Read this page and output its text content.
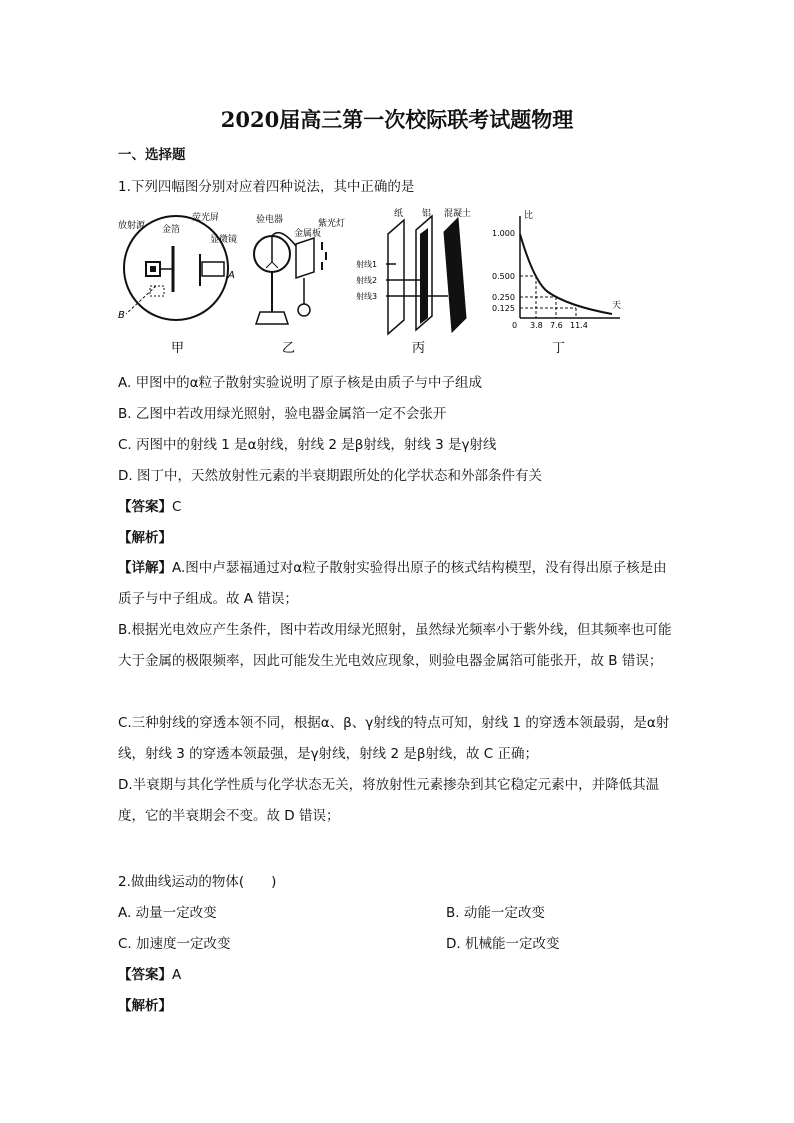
2020届高三第一次校际联考试题物理
一、选择题
1.下列四幅图分别对应着四种说法，其中正确的是
放射源 金箔
荧光屏
显微镜
A
B
甲
验电器
金属板
紫光灯
乙
纸 铝 混凝土
射线1
射线2
射线3
丙
比
天
1.000
0.500
0.250
0.125
0 3.8 7.6 11.4
丁
A. 甲图中的α粒子散射实验说明了原子核是由质子与中子组成
B. 乙图中若改用绿光照射，验电器金属箔一定不会张开
C. 丙图中的射线 1 是α射线，射线 2 是β射线，射线 3 是γ射线
D. 图丁中，天然放射性元素的半衰期跟所处的化学状态和外部条件有关
【答案】C
【解析】
【详解】A.图中卢瑟福通过对α粒子散射实验得出原子的核式结构模型，没有得出原子核是由质子与中子组成。故 A 错误；
B.根据光电效应产生条件，图中若改用绿光照射，虽然绿光频率小于紫外线，但其频率也可能大于金属的极限频率，因此可能发生光电效应现象，则验电器金属箔可能张开，故 B 错误；
C.三种射线的穿透本领不同，根据α、β、γ射线的特点可知，射线 1 的穿透本领最弱，是α射线，射线 3 的穿透本领最强，是γ射线，射线 2 是β射线，故 C 正确；
D.半衰期与其化学性质与化学状态无关，将放射性元素掺杂到其它稳定元素中，并降低其温度，它的半衰期会不变。故 D 错误；
2.做曲线运动的物体(　　)
A. 动量一定改变	B. 动能一定改变
C. 加速度一定改变	D. 机械能一定改变
【答案】A
【解析】
